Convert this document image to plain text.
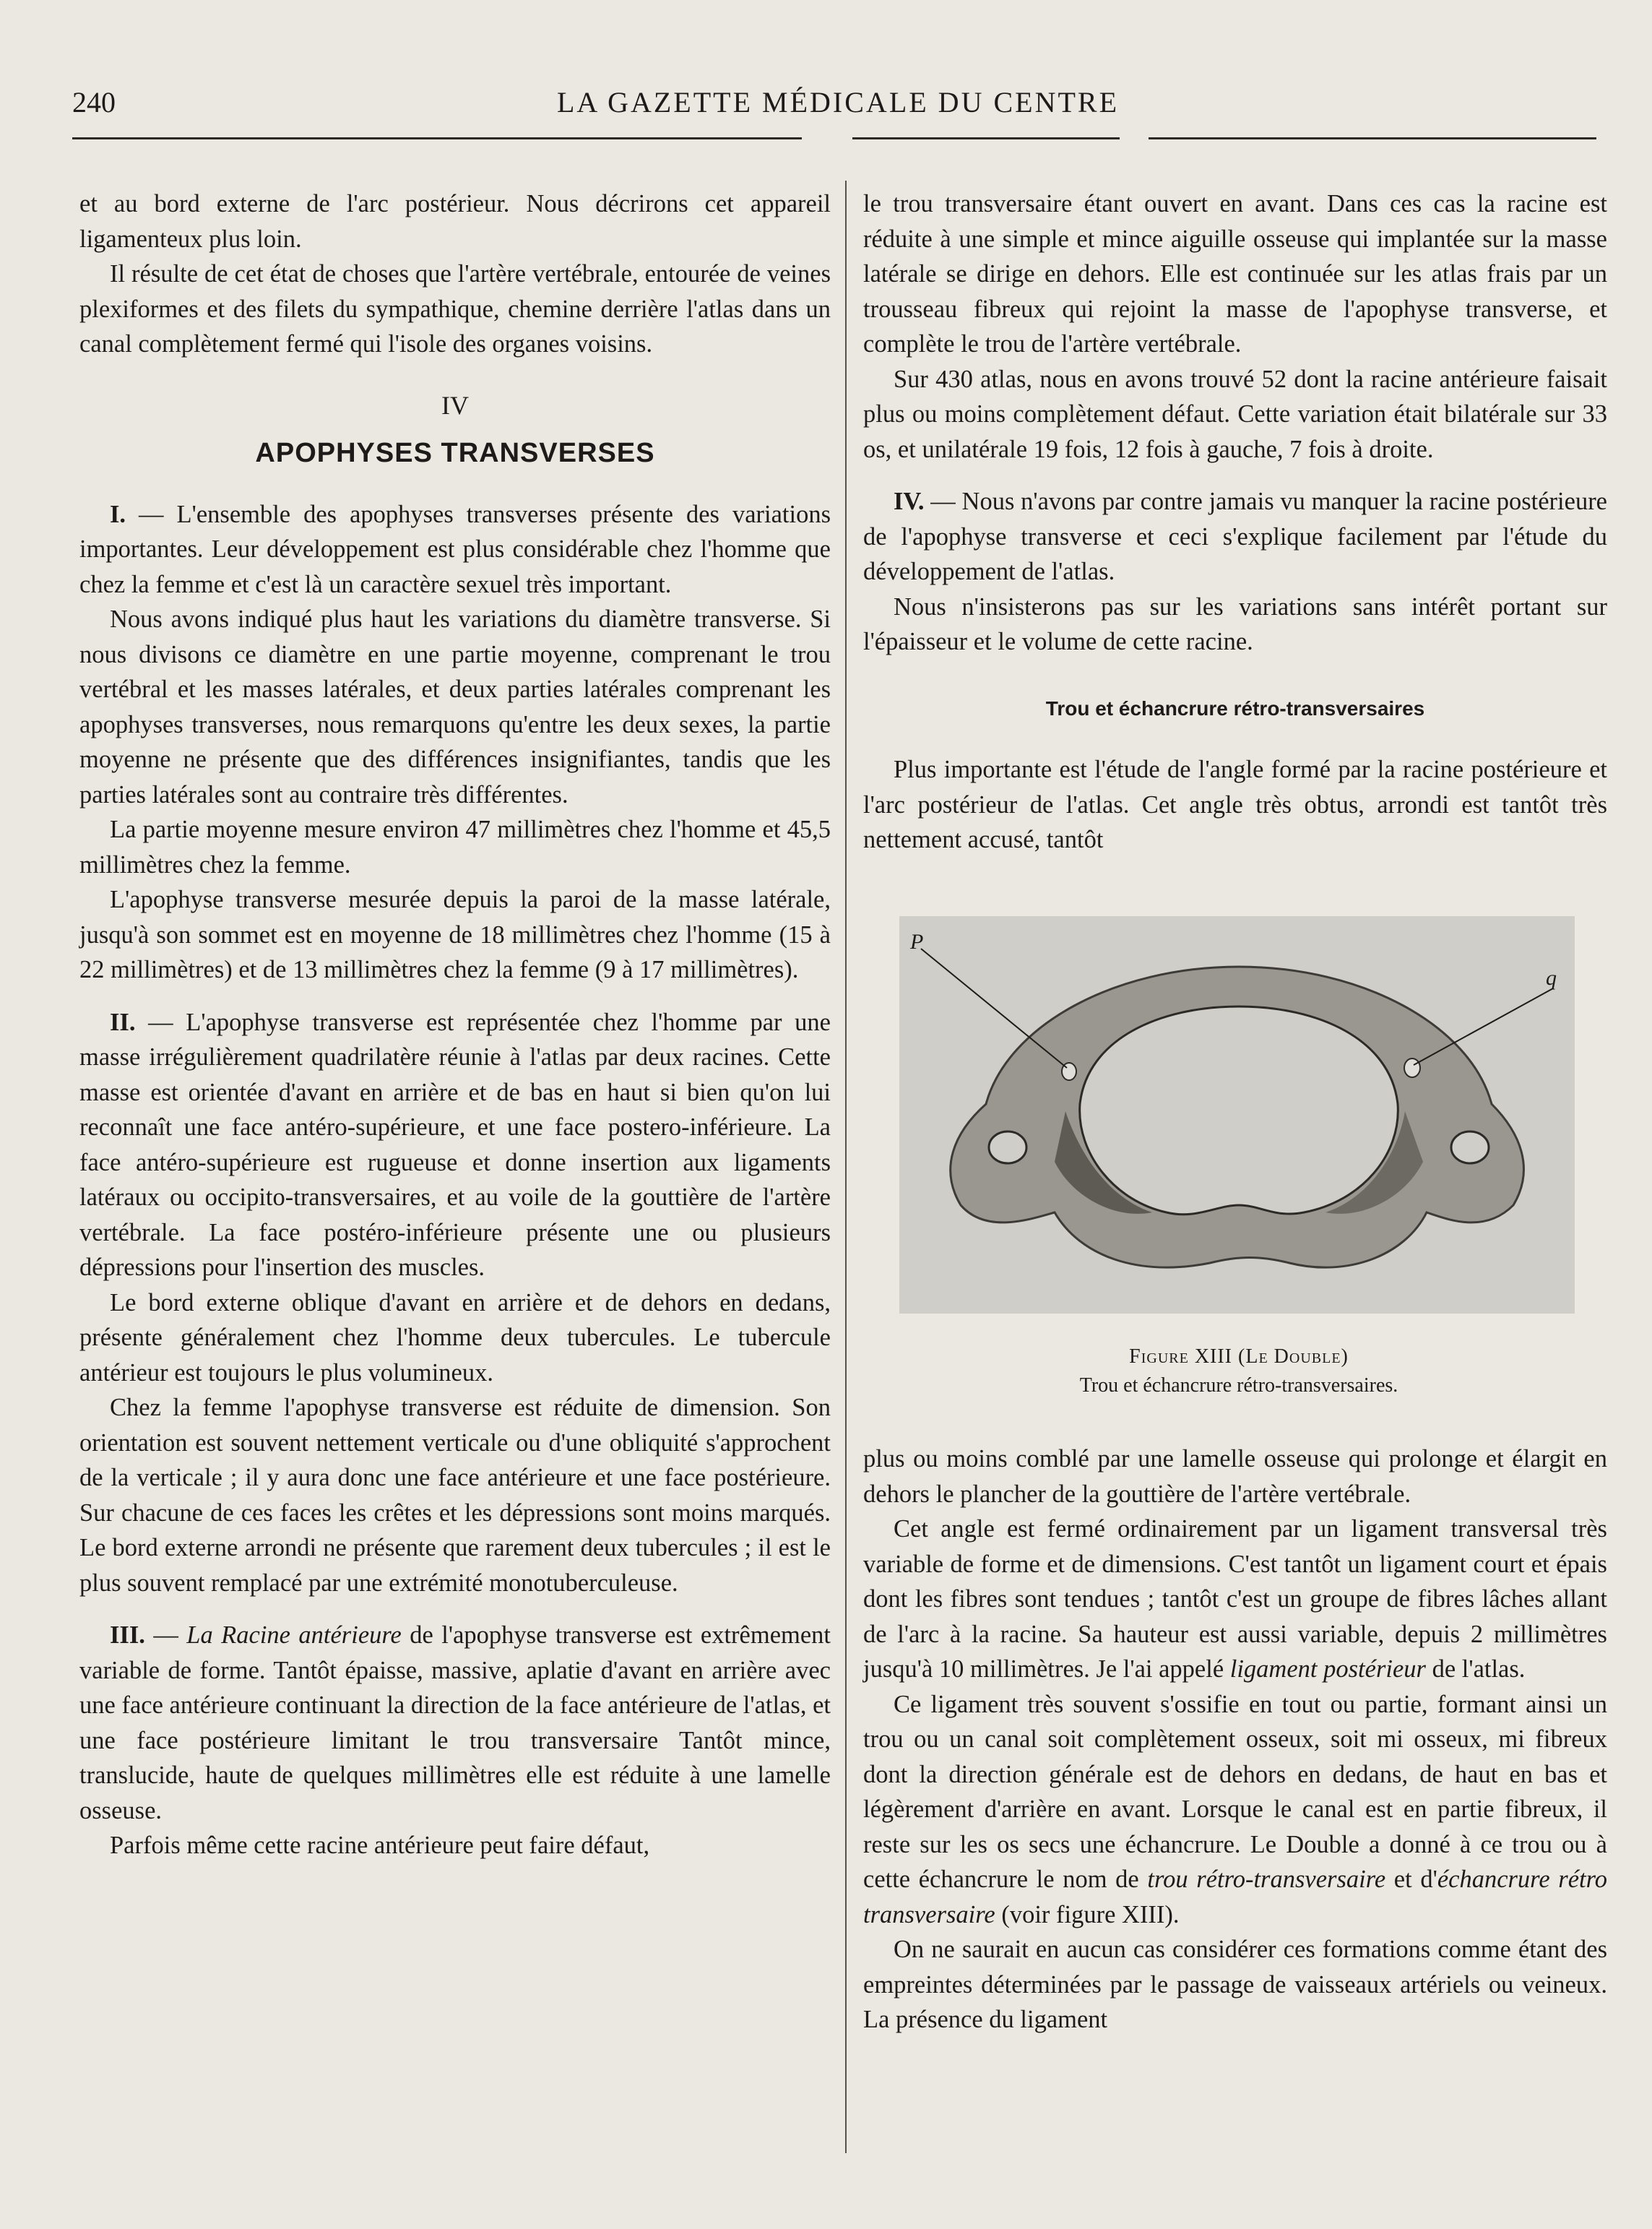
240	LA GAZETTE MÉDICALE DU CENTRE

et au bord externe de l'arc postérieur. Nous décrirons cet appareil ligamenteux plus loin.

Il résulte de cet état de choses que l'artère vertébrale, entourée de veines plexiformes et des filets du sympathique, chemine derrière l'atlas dans un canal complètement fermé qui l'isole des organes voisins.

IV
APOPHYSES TRANSVERSES

I. — L'ensemble des apophyses transverses présente des variations importantes. Leur développement est plus considérable chez l'homme que chez la femme et c'est là un caractère sexuel très important.

Nous avons indiqué plus haut les variations du diamètre transverse. Si nous divisons ce diamètre en une partie moyenne, comprenant le trou vertébral et les masses latérales, et deux parties latérales comprenant les apophyses transverses, nous remarquons qu'entre les deux sexes, la partie moyenne ne présente que des différences insignifiantes, tandis que les parties latérales sont au contraire très différentes.

La partie moyenne mesure environ 47 millimètres chez l'homme et 45,5 millimètres chez la femme.

L'apophyse transverse mesurée depuis la paroi de la masse latérale, jusqu'à son sommet est en moyenne de 18 millimètres chez l'homme (15 à 22 millimètres) et de 13 millimètres chez la femme (9 à 17 millimètres).

II. — L'apophyse transverse est représentée chez l'homme par une masse irrégulièrement quadrilatère réunie à l'atlas par deux racines. Cette masse est orientée d'avant en arrière et de bas en haut si bien qu'on lui reconnaît une face antéro-supérieure, et une face postero-inférieure. La face antéro-supérieure est rugueuse et donne insertion aux ligaments latéraux ou occipito-transversaires, et au voile de la gouttière de l'artère vertébrale. La face postéro-inférieure présente une ou plusieurs dépressions pour l'insertion des muscles.

Le bord externe oblique d'avant en arrière et de dehors en dedans, présente généralement chez l'homme deux tubercules. Le tubercule antérieur est toujours le plus volumineux.

Chez la femme l'apophyse transverse est réduite de dimension. Son orientation est souvent nettement verticale ou d'une obliquité s'approchent de la verticale ; il y aura donc une face antérieure et une face postérieure. Sur chacune de ces faces les crêtes et les dépressions sont moins marqués. Le bord externe arrondi ne présente que rarement deux tubercules ; il est le plus souvent remplacé par une extrémité monotuberculeuse.

III. — La Racine antérieure de l'apophyse transverse est extrêmement variable de forme. Tantôt épaisse, massive, aplatie d'avant en arrière avec une face antérieure continuant la direction de la face antérieure de l'atlas, et une face postérieure limitant le trou transversaire Tantôt mince, translucide, haute de quelques millimètres elle est réduite à une lamelle osseuse.

Parfois même cette racine antérieure peut faire défaut,

le trou transversaire étant ouvert en avant. Dans ces cas la racine est réduite à une simple et mince aiguille osseuse qui implantée sur la masse latérale se dirige en dehors. Elle est continuée sur les atlas frais par un trousseau fibreux qui rejoint la masse de l'apophyse transverse, et complète le trou de l'artère vertébrale.

Sur 430 atlas, nous en avons trouvé 52 dont la racine antérieure faisait plus ou moins complètement défaut. Cette variation était bilatérale sur 33 os, et unilatérale 19 fois, 12 fois à gauche, 7 fois à droite.

IV. — Nous n'avons par contre jamais vu manquer la racine postérieure de l'apophyse transverse et ceci s'explique facilement par l'étude du développement de l'atlas.

Nous n'insisterons pas sur les variations sans intérêt portant sur l'épaisseur et le volume de cette racine.

Trou et échancrure rétro-transversaires

Plus importante est l'étude de l'angle formé par la racine postérieure et l'arc postérieur de l'atlas. Cet angle très obtus, arrondi est tantôt très nettement accusé, tantôt

P
q
Figure XIII (Le Double)
Trou et échancrure rétro-transversaires.

plus ou moins comblé par une lamelle osseuse qui prolonge et élargit en dehors le plancher de la gouttière de l'artère vertébrale.

Cet angle est fermé ordinairement par un ligament transversal très variable de forme et de dimensions. C'est tantôt un ligament court et épais dont les fibres sont tendues ; tantôt c'est un groupe de fibres lâches allant de l'arc à la racine. Sa hauteur est aussi variable, depuis 2 millimètres jusqu'à 10 millimètres. Je l'ai appelé ligament postérieur de l'atlas.

Ce ligament très souvent s'ossifie en tout ou partie, formant ainsi un trou ou un canal soit complètement osseux, soit mi osseux, mi fibreux dont la direction générale est de dehors en dedans, de haut en bas et légèrement d'arrière en avant. Lorsque le canal est en partie fibreux, il reste sur les os secs une échancrure. Le Double a donné à ce trou ou à cette échancrure le nom de trou rétro-transversaire et d'échancrure rétro transversaire (voir figure XIII).

On ne saurait en aucun cas considérer ces formations comme étant des empreintes déterminées par le passage de vaisseaux artériels ou veineux. La présence du ligament
